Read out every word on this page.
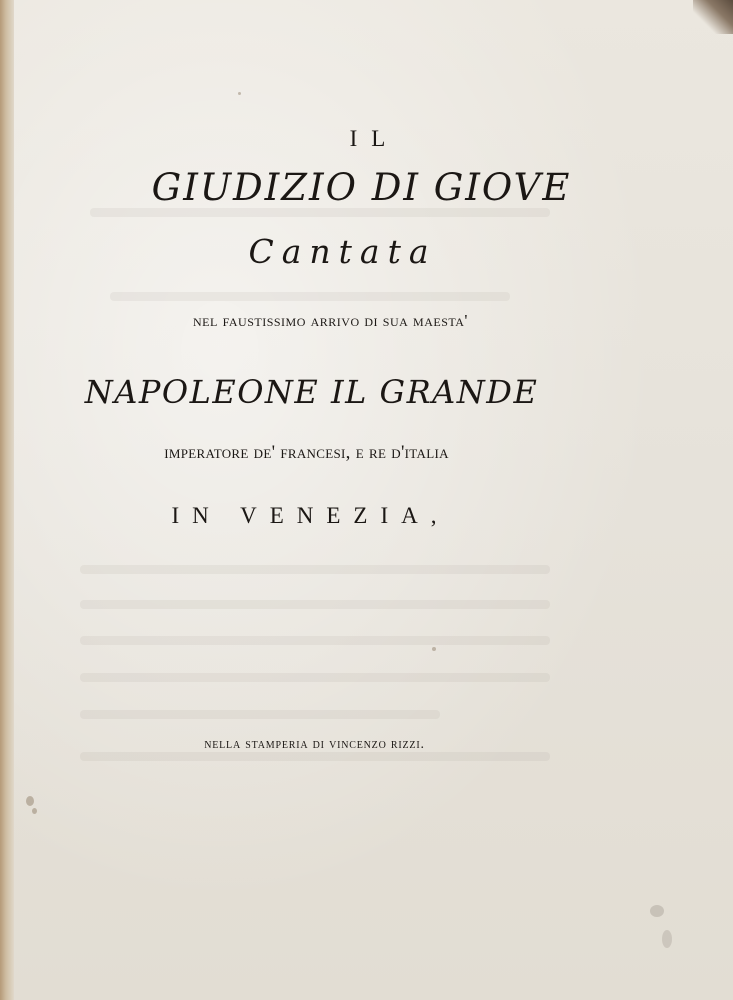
IL
GIUDIZIO DI GIOVE
Cantata
nel faustissimo arrivo di sua maesta'
NAPOLEONE IL GRANDE
imperatore de' francesi, e re d'italia
IN VENEZIA,
nella stamperia di vincenzo rizzi.
